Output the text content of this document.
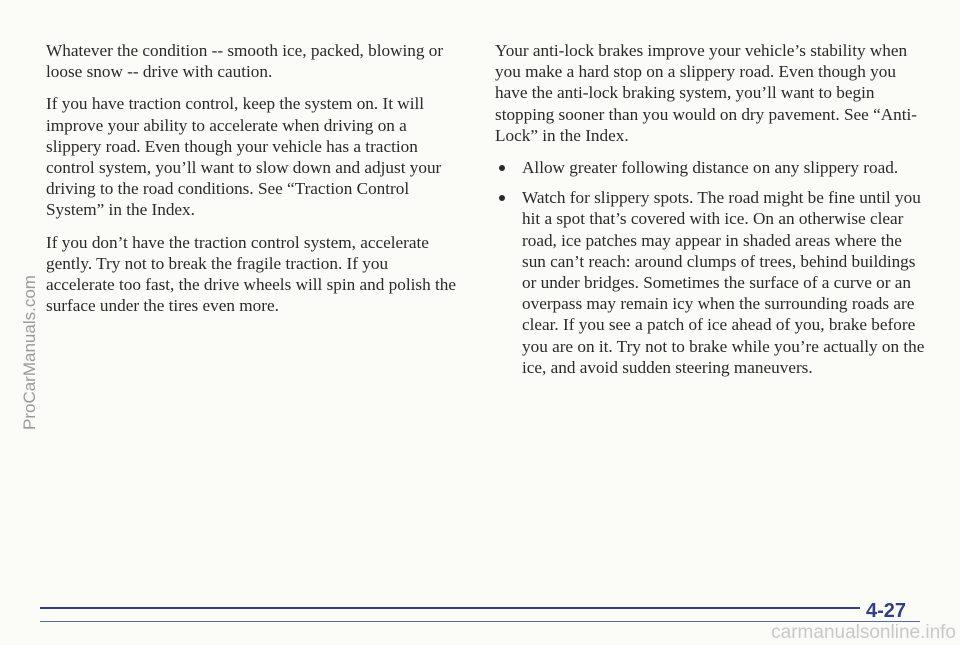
Whatever the condition -- smooth ice, packed, blowing or loose snow -- drive with caution.

If you have traction control, keep the system on. It will improve your ability to accelerate when driving on a slippery road. Even though your vehicle has a traction control system, you’ll want to slow down and adjust your driving to the road conditions. See “Traction Control System” in the Index.

If you don’t have the traction control system, accelerate gently. Try not to break the fragile traction. If you accelerate too fast, the drive wheels will spin and polish the surface under the tires even more.

Your anti-lock brakes improve your vehicle’s stability when you make a hard stop on a slippery road. Even though you have the anti-lock braking system, you’ll want to begin stopping sooner than you would on dry pavement. See “Anti-Lock” in the Index.

Allow greater following distance on any slippery road.
Watch for slippery spots. The road might be fine until you hit a spot that’s covered with ice. On an otherwise clear road, ice patches may appear in shaded areas where the sun can’t reach: around clumps of trees, behind buildings or under bridges. Sometimes the surface of a curve or an overpass may remain icy when the surrounding roads are clear. If you see a patch of ice ahead of you, brake before you are on it. Try not to brake while you’re actually on the ice, and avoid sudden steering maneuvers.
ProCarManuals.com
4-27
carmanualsonline.info
